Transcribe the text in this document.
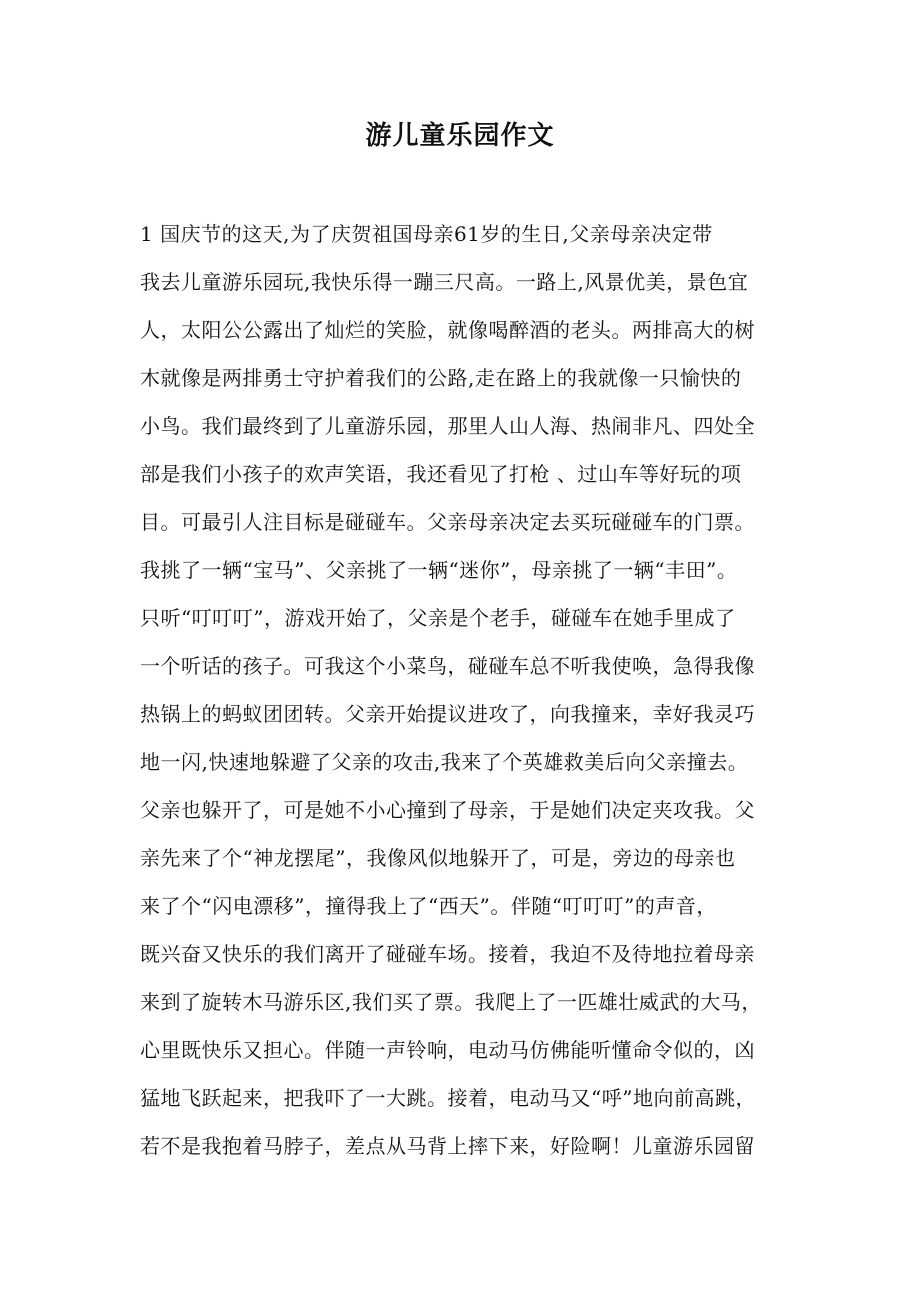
游儿童乐园作文
1 国庆节的这天,为了庆贺祖国母亲61岁的生日,父亲母亲决定带
我去儿童游乐园玩,我快乐得一蹦三尺高。一路上,风景优美，景色宜
人，太阳公公露出了灿烂的笑脸，就像喝醉酒的老头。两排高大的树
木就像是两排勇士守护着我们的公路,走在路上的我就像一只愉快的
小鸟。我们最终到了儿童游乐园，那里人山人海、热闹非凡、四处全
部是我们小孩子的欢声笑语，我还看见了打枪 、过山车等好玩的项
目。可最引人注目标是碰碰车。父亲母亲决定去买玩碰碰车的门票。
我挑了一辆“宝马”、父亲挑了一辆“迷你”，母亲挑了一辆“丰田”。
只听“叮叮叮”，游戏开始了，父亲是个老手，碰碰车在她手里成了
一个听话的孩子。可我这个小菜鸟，碰碰车总不听我使唤，急得我像
热锅上的蚂蚁团团转。父亲开始提议进攻了，向我撞来，幸好我灵巧
地一闪,快速地躲避了父亲的攻击,我来了个英雄救美后向父亲撞去。
父亲也躲开了，可是她不小心撞到了母亲，于是她们决定夹攻我。父
亲先来了个“神龙摆尾”，我像风似地躲开了，可是，旁边的母亲也
来了个“闪电漂移”，撞得我上了“西天”。伴随“叮叮叮”的声音，
既兴奋又快乐的我们离开了碰碰车场。接着，我迫不及待地拉着母亲
来到了旋转木马游乐区,我们买了票。我爬上了一匹雄壮威武的大马，
心里既快乐又担心。伴随一声铃响，电动马仿佛能听懂命令似的，凶
猛地飞跃起来，把我吓了一大跳。接着，电动马又“呼”地向前高跳，
若不是我抱着马脖子，差点从马背上摔下来，好险啊！儿童游乐园留
